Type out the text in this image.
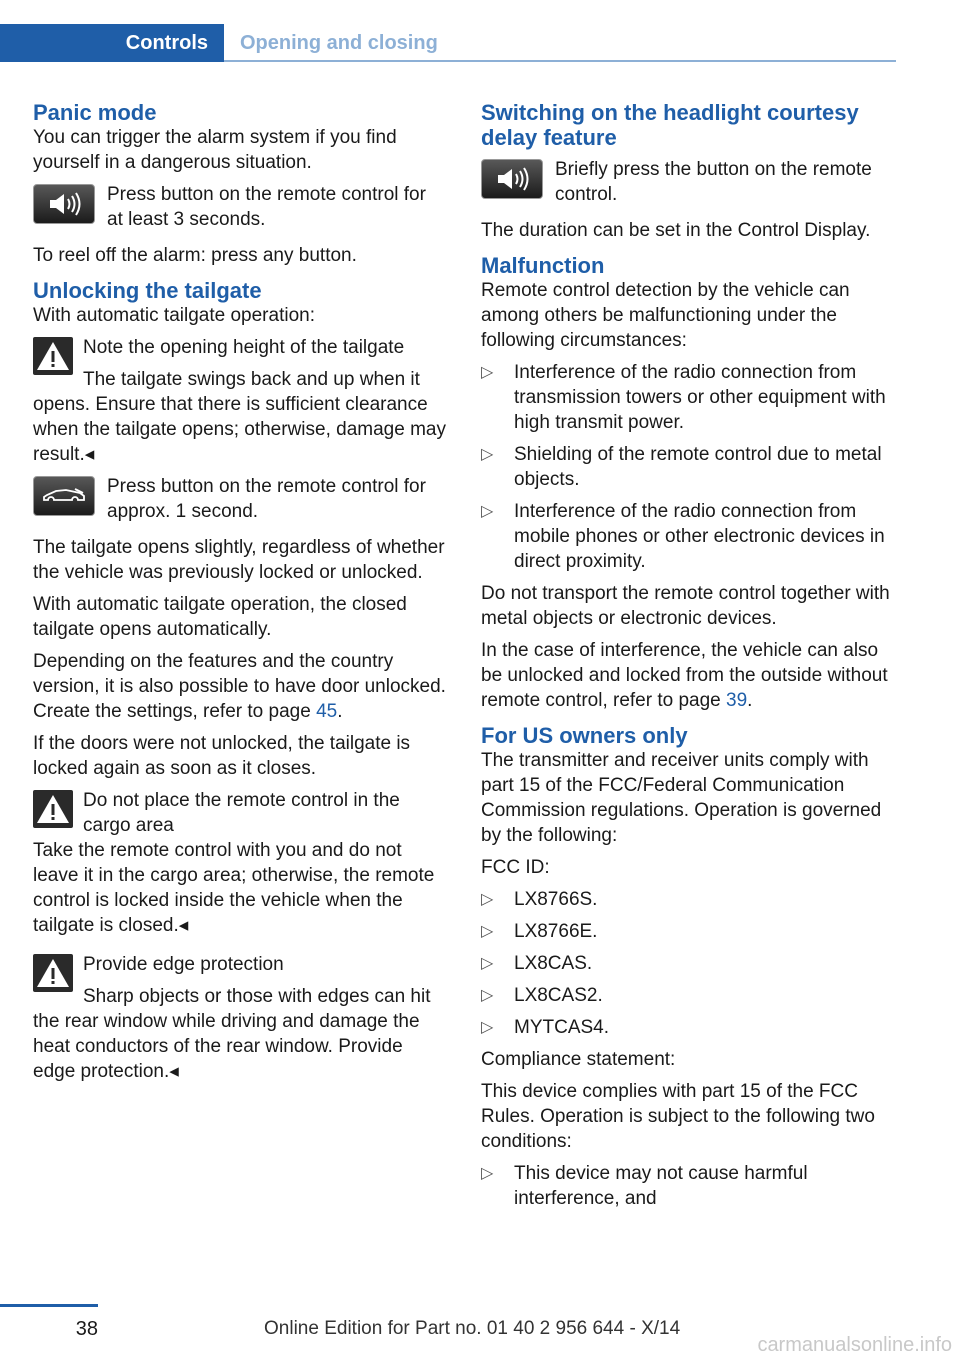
Controls	Opening and closing
Panic mode

You can trigger the alarm system if you find yourself in a dangerous situation.

Press button on the remote control for at least 3 seconds.

To reel off the alarm: press any button.

Unlocking the tailgate

With automatic tailgate operation:

Note the opening height of the tailgate
The tailgate swings back and up when it opens. Ensure that there is sufficient clearance when the tailgate opens; otherwise, damage may result.◂
Press button on the remote control for approx. 1 second.

The tailgate opens slightly, regardless of whether the vehicle was previously locked or unlocked.

With automatic tailgate operation, the closed tailgate opens automatically.

Depending on the features and the country version, it is also possible to have door unlocked. Create the settings, refer to page 45.

If the doors were not unlocked, the tailgate is locked again as soon as it closes.

Do not place the remote control in the cargo area
Take the remote control with you and do not leave it in the cargo area; otherwise, the remote control is locked inside the vehicle when the tailgate is closed.◂
Provide edge protection
Sharp objects or those with edges can hit the rear window while driving and damage the heat conductors of the rear window. Provide edge protection.◂
Switching on the headlight courtesy delay feature
Briefly press the button on the remote control.

The duration can be set in the Control Display.

Malfunction

Remote control detection by the vehicle can among others be malfunctioning under the following circumstances:

▷ Interference of the radio connection from transmission towers or other equipment with high transmit power.
▷ Shielding of the remote control due to metal objects.
▷ Interference of the radio connection from mobile phones or other electronic devices in direct proximity.

Do not transport the remote control together with metal objects or electronic devices.

In the case of interference, the vehicle can also be unlocked and locked from the outside without remote control, refer to page 39.

For US owners only

The transmitter and receiver units comply with part 15 of the FCC/Federal Communication Commission regulations. Operation is governed by the following:

FCC ID:

▷ LX8766S.
▷ LX8766E.
▷ LX8CAS.
▷ LX8CAS2.
▷ MYTCAS4.

Compliance statement:

This device complies with part 15 of the FCC Rules. Operation is subject to the following two conditions:

▷ This device may not cause harmful interference, and
38	Online Edition for Part no. 01 40 2 956 644 - X/14
carmanualsonline.info
